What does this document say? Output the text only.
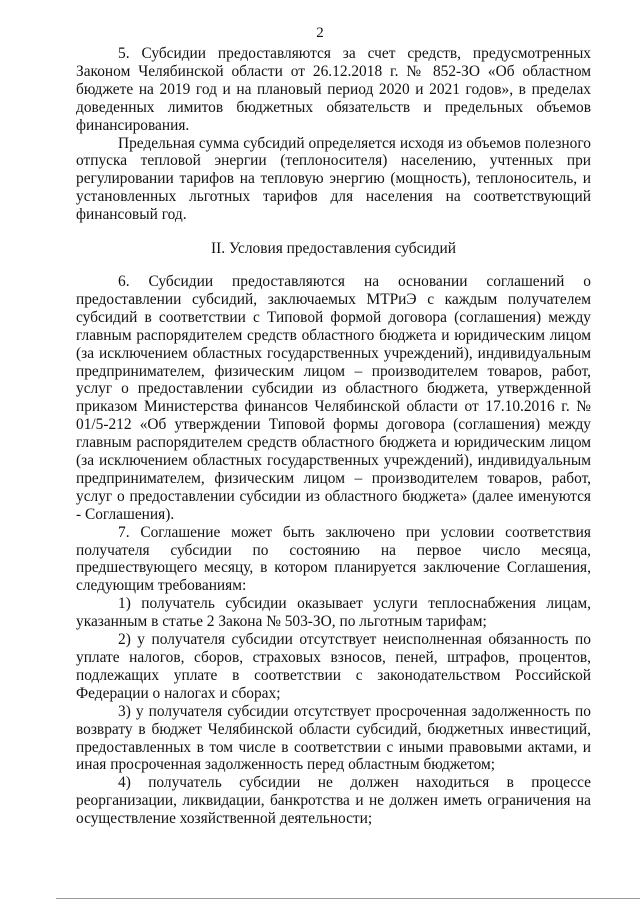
2

5. Субсидии предоставляются за счет средств, предусмотренных Законом Челябинской области от 26.12.2018 г. № 852-ЗО «Об областном бюджете на 2019 год и на плановый период 2020 и 2021 годов», в пределах доведенных лимитов бюджетных обязательств и предельных объемов финансирования.

Предельная сумма субсидий определяется исходя из объемов полезного отпуска тепловой энергии (теплоносителя) населению, учтенных при регулировании тарифов на тепловую энергию (мощность), теплоноситель, и установленных льготных тарифов для населения на соответствующий финансовый год.

II. Условия предоставления субсидий

6. Субсидии предоставляются на основании соглашений о предоставлении субсидий, заключаемых МТРиЭ с каждым получателем субсидий в соответствии с Типовой формой договора (соглашения) между главным распорядителем средств областного бюджета и юридическим лицом (за исключением областных государственных учреждений), индивидуальным предпринимателем, физическим лицом – производителем товаров, работ, услуг о предоставлении субсидии из областного бюджета, утвержденной приказом Министерства финансов Челябинской области от 17.10.2016 г. № 01/5-212 «Об утверждении Типовой формы договора (соглашения) между главным распорядителем средств областного бюджета и юридическим лицом (за исключением областных государственных учреждений), индивидуальным предпринимателем, физическим лицом – производителем товаров, работ, услуг о предоставлении субсидии из областного бюджета» (далее именуются - Соглашения).

7. Соглашение может быть заключено при условии соответствия получателя субсидии по состоянию на первое число месяца, предшествующего месяцу, в котором планируется заключение Соглашения, следующим требованиям:

1) получатель субсидии оказывает услуги теплоснабжения лицам, указанным в статье 2 Закона № 503-ЗО, по льготным тарифам;

2) у получателя субсидии отсутствует неисполненная обязанность по уплате налогов, сборов, страховых взносов, пеней, штрафов, процентов, подлежащих уплате в соответствии с законодательством Российской Федерации о налогах и сборах;

3) у получателя субсидии отсутствует просроченная задолженность по возврату в бюджет Челябинской области субсидий, бюджетных инвестиций, предоставленных в том числе в соответствии с иными правовыми актами, и иная просроченная задолженность перед областным бюджетом;

4) получатель субсидии не должен находиться в процессе реорганизации, ликвидации, банкротства и не должен иметь ограничения на осуществление хозяйственной деятельности;
